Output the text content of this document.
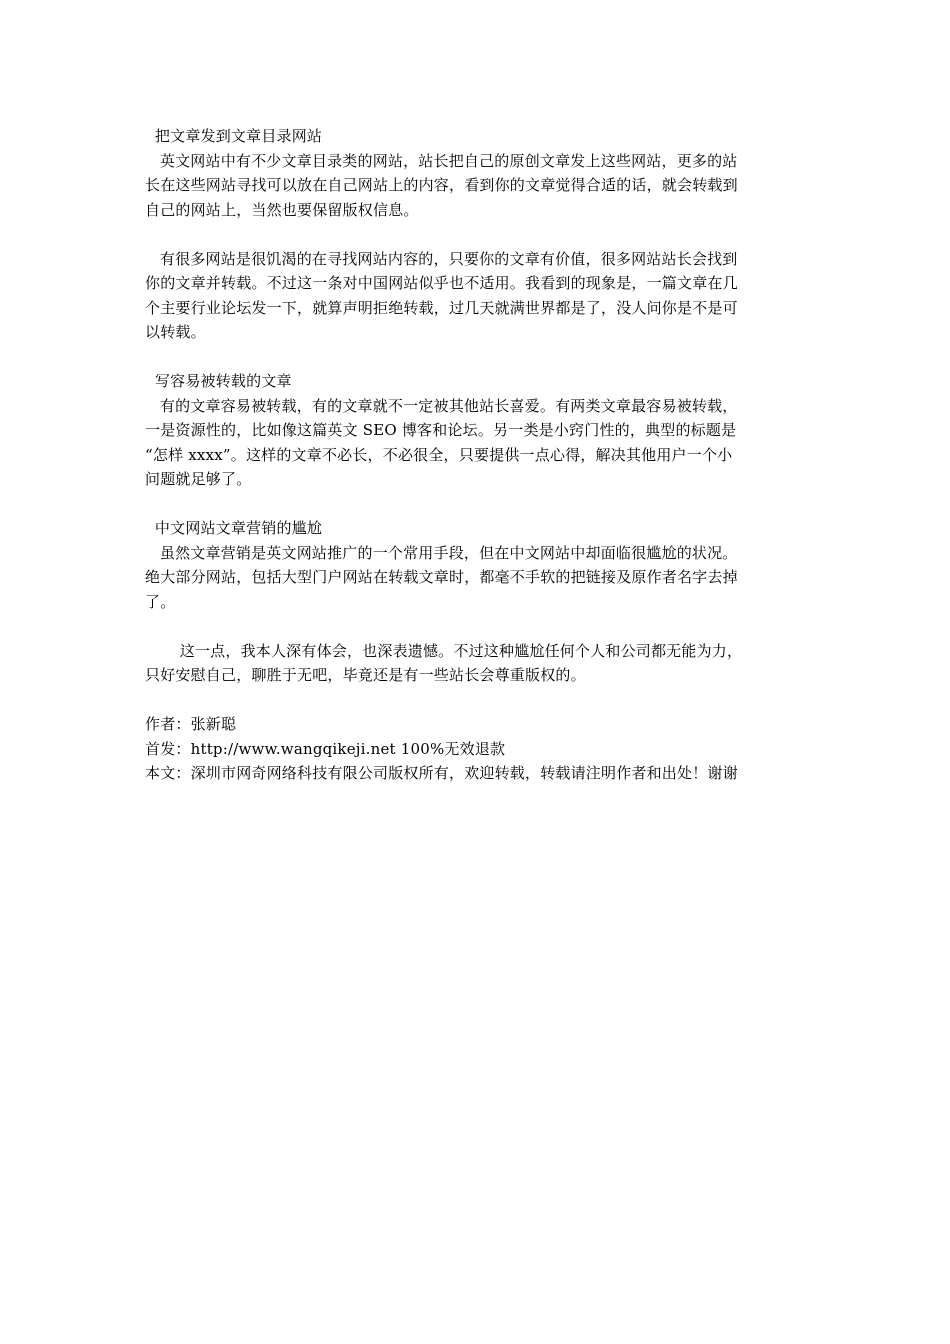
把文章发到文章目录网站
英文网站中有不少文章目录类的网站，站长把自己的原创文章发上这些网站，更多的站
长在这些网站寻找可以放在自己网站上的内容，看到你的文章觉得合适的话，就会转载到
自己的网站上，当然也要保留版权信息。
有很多网站是很饥渴的在寻找网站内容的，只要你的文章有价值，很多网站站长会找到
你的文章并转载。不过这一条对中国网站似乎也不适用。我看到的现象是，一篇文章在几
个主要行业论坛发一下，就算声明拒绝转载，过几天就满世界都是了，没人问你是不是可
以转载。
写容易被转载的文章
有的文章容易被转载，有的文章就不一定被其他站长喜爱。有两类文章最容易被转载，
一是资源性的，比如像这篇英文 SEO 博客和论坛。另一类是小窍门性的，典型的标题是
“怎样 xxxx”。这样的文章不必长，不必很全，只要提供一点心得，解决其他用户一个小
问题就足够了。
中文网站文章营销的尴尬
虽然文章营销是英文网站推广的一个常用手段，但在中文网站中却面临很尴尬的状况。
绝大部分网站，包括大型门户网站在转载文章时，都毫不手软的把链接及原作者名字去掉
了。
这一点，我本人深有体会，也深表遗憾。不过这种尴尬任何个人和公司都无能为力，
只好安慰自己，聊胜于无吧，毕竟还是有一些站长会尊重版权的。
作者：张新聪
首发：http://www.wangqikeji.net 100%无效退款
本文：深圳市网奇网络科技有限公司版权所有，欢迎转载，转载请注明作者和出处！谢谢
